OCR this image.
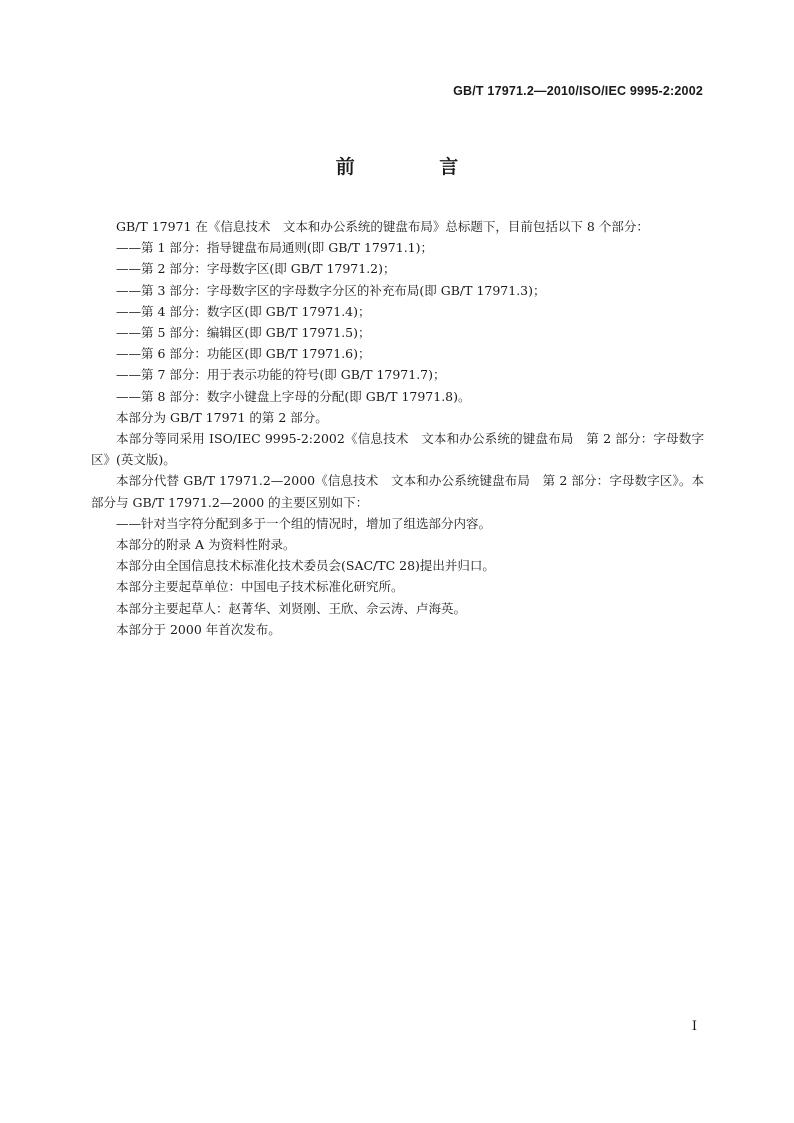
GB/T 17971.2—2010/ISO/IEC 9995-2:2002
前 言

GB/T 17971 在《信息技术　文本和办公系统的键盘布局》总标题下，目前包括以下 8 个部分：

——第 1 部分：指导键盘布局通则(即 GB/T 17971.1)；

——第 2 部分：字母数字区(即 GB/T 17971.2)；

——第 3 部分：字母数字区的字母数字分区的补充布局(即 GB/T 17971.3)；

——第 4 部分：数字区(即 GB/T 17971.4)；

——第 5 部分：编辑区(即 GB/T 17971.5)；

——第 6 部分：功能区(即 GB/T 17971.6)；

——第 7 部分：用于表示功能的符号(即 GB/T 17971.7)；

——第 8 部分：数字小键盘上字母的分配(即 GB/T 17971.8)。

本部分为 GB/T 17971 的第 2 部分。

本部分等同采用 ISO/IEC 9995-2:2002《信息技术　文本和办公系统的键盘布局　第 2 部分：字母数字区》(英文版)。

本部分代替 GB/T 17971.2—2000《信息技术　文本和办公系统键盘布局　第 2 部分：字母数字区》。本部分与 GB/T 17971.2—2000 的主要区别如下：

——针对当字符分配到多于一个组的情况时，增加了组选部分内容。

本部分的附录 A 为资料性附录。

本部分由全国信息技术标准化技术委员会(SAC/TC 28)提出并归口。

本部分主要起草单位：中国电子技术标准化研究所。

本部分主要起草人：赵菁华、刘贤刚、王欣、佘云涛、卢海英。

本部分于 2000 年首次发布。

I
